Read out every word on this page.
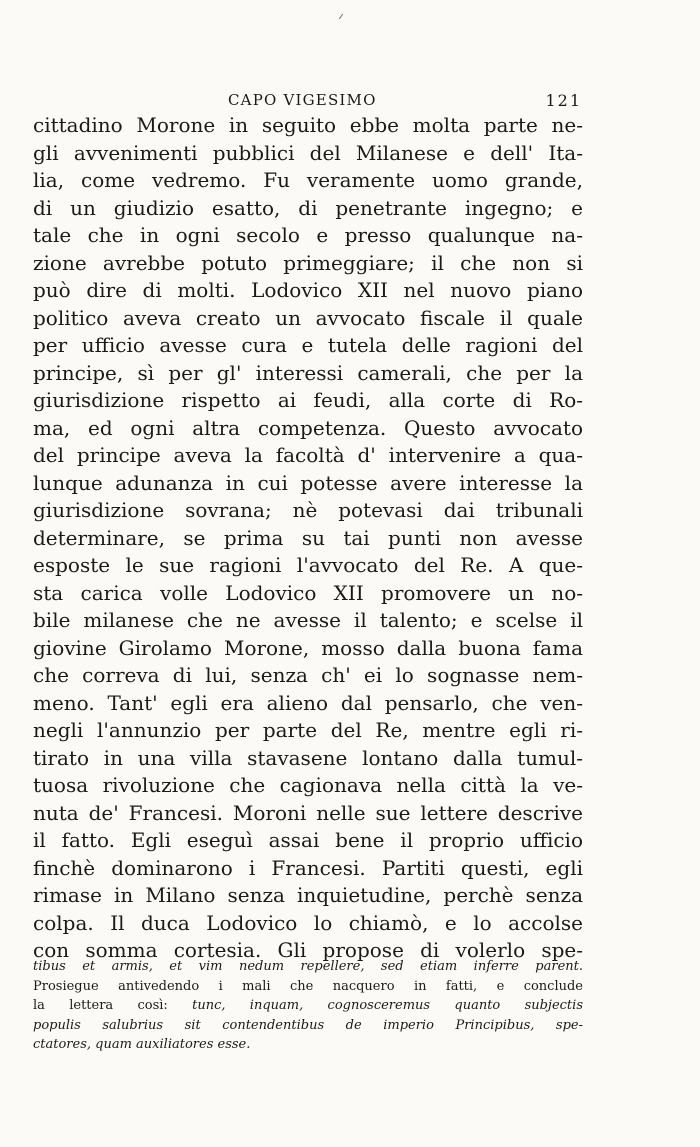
CAPO VIGESIMO	121
cittadino Morone in seguito ebbe molta parte ne-
gli avvenimenti pubblici del Milanese e dell' Ita-
lia, come vedremo. Fu veramente uomo grande,
di un giudizio esatto, di penetrante ingegno; e
tale che in ogni secolo e presso qualunque na-
zione avrebbe potuto primeggiare; il che non si
può dire di molti. Lodovico XII nel nuovo piano
politico aveva creato un avvocato fiscale il quale
per ufficio avesse cura e tutela delle ragioni del
principe, sì per gl' interessi camerali, che per la
giurisdizione rispetto ai feudi, alla corte di Ro-
ma, ed ogni altra competenza. Questo avvocato
del principe aveva la facoltà d' intervenire a qua-
lunque adunanza in cui potesse avere interesse la
giurisdizione sovrana; nè potevasi dai tribunali
determinare, se prima su tai punti non avesse
esposte le sue ragioni l'avvocato del Re. A que-
sta carica volle Lodovico XII promovere un no-
bile milanese che ne avesse il talento; e scelse il
giovine Girolamo Morone, mosso dalla buona fama
che correva di lui, senza ch' ei lo sognasse nem-
meno. Tant' egli era alieno dal pensarlo, che ven-
negli l'annunzio per parte del Re, mentre egli ri-
tirato in una villa stavasene lontano dalla tumul-
tuosa rivoluzione che cagionava nella città la ve-
nuta de' Francesi. Moroni nelle sue lettere descrive
il fatto. Egli eseguì assai bene il proprio ufficio
finchè dominarono i Francesi. Partiti questi, egli
rimase in Milano senza inquietudine, perchè senza
colpa. Il duca Lodovico lo chiamò, e lo accolse
con somma cortesia. Gli propose di volerlo spe-
tibus et armis, et vim nedum repellere, sed etiam inferre parent.
Prosiegue antivedendo i mali che nacquero in fatti, e conclude
la lettera così: tunc, inquam, cognosceremus quanto subjectis
populis salubrius sit contendentibus de imperio Principibus, spe-
ctatores, quam auxiliatores esse.
